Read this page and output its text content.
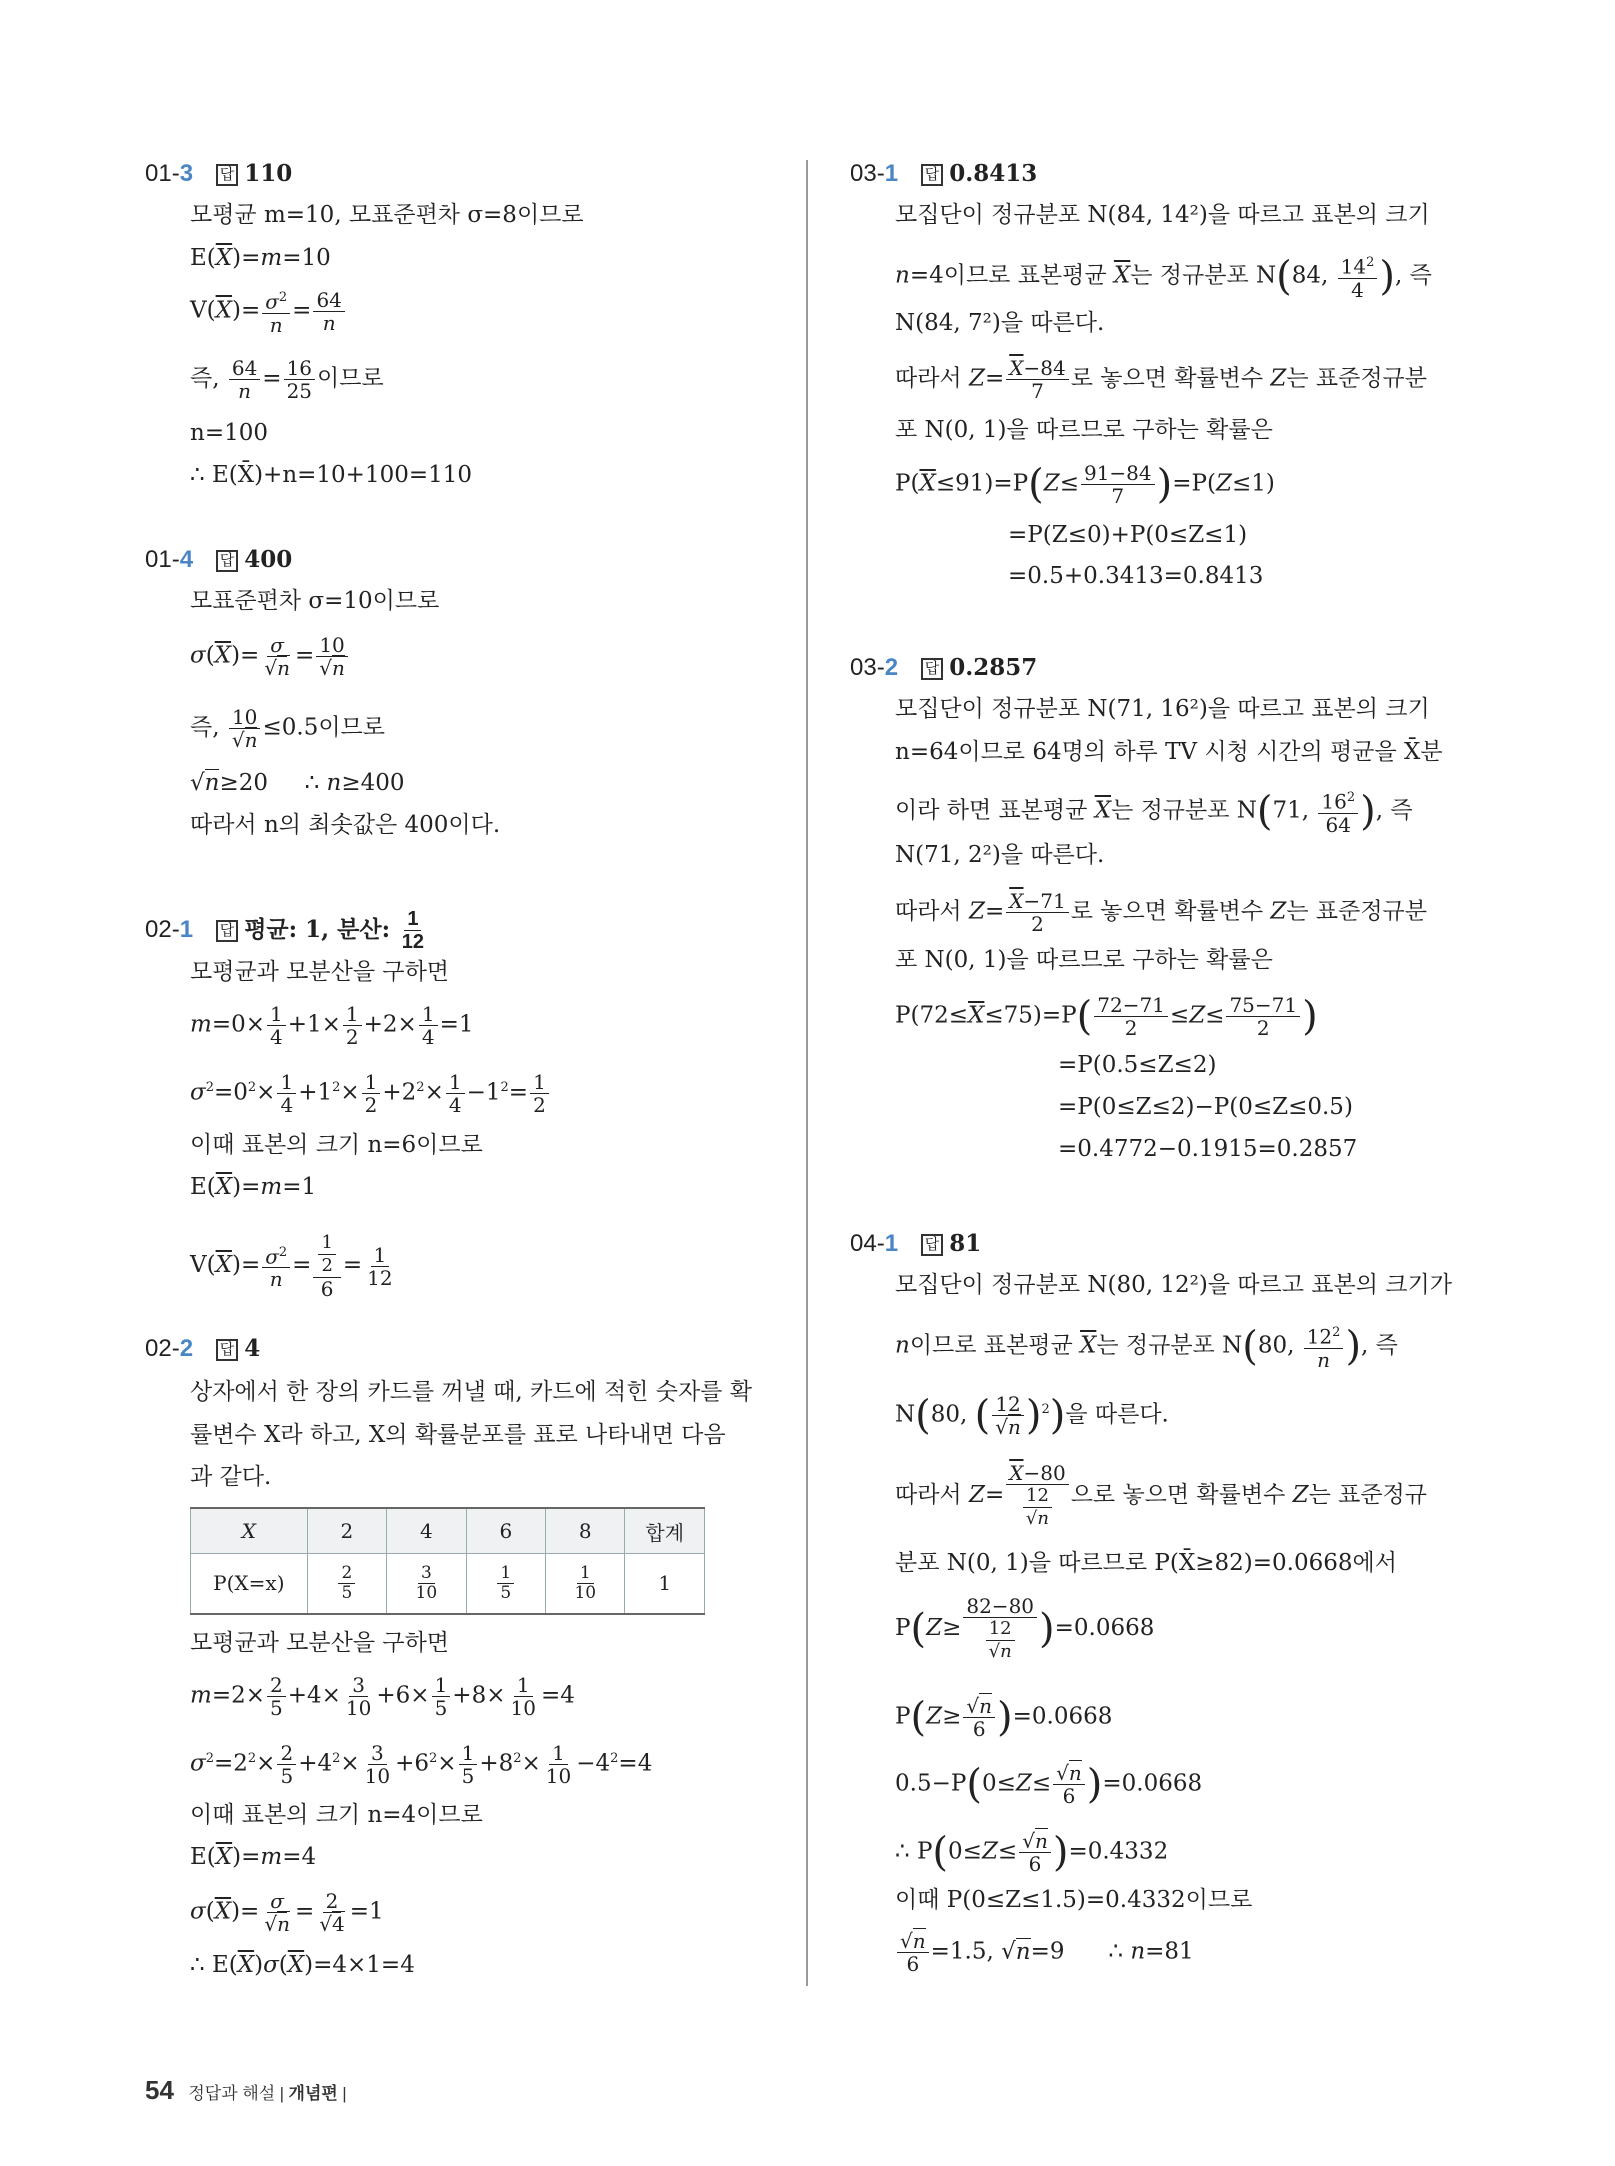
01-3 답 110
모평균 m=10, 모표준편차 σ=8이므로
$E(\overline{X})=m=10$
$V(\overline{X})= \frac{\sigma^2}{n} = \frac{64}{n}$
즉, $\frac{64}{n} = \frac{16}{25}$ 이므로
n=100
∴ E(X̄)+n=10+100=110
01-4 답 400
모표준편차 σ=10이므로
$\sigma(\overline{X})= \frac{\sigma}{√n} = \frac{10}{√n}$
즉, $\frac{10}{√n} \le 0.5$이므로
√n≥20     ∴ n≥400
따라서 n의 최솟값은 400이다.
02-1 답 평균: 1, 분산: $\frac{1}{12}$
모평균과 모분산을 구하면
$m=0\times \frac{1}{4} +1\times \frac{1}{2} +2\times \frac{1}{4} =1$
$\sigma^2=0^2\times \frac{1}{4} +1^2\times \frac{1}{2} +2^2\times \frac{1}{4} -1^2= \frac{1}{2}$
이때 표본의 크기 n=6이므로
$E(\overline{X})=m=1$
$V(\overline{X})= \frac{\sigma^2}{n} = \frac{\frac{1}{2}}{6} = \frac{1}{12}$
02-2 답 4
상자에서 한 장의 카드를 꺼낼 때, 카드에 적힌 숫자를 확
률변수 X라 하고, X의 확률분포를 표로 나타내면 다음
과 같다.
X	2	4	6	8	합계
P(X=x)	$\frac{2}{5}$	$\frac{3}{10}$	$\frac{1}{5}$	$\frac{1}{10}$	1
모평균과 모분산을 구하면
$m=2\times \frac{2}{5} +4\times \frac{3}{10} +6\times \frac{1}{5} +8\times \frac{1}{10} =4$
$\sigma^2=2^2\times \frac{2}{5} +4^2\times \frac{3}{10} +6^2\times \frac{1}{5} +8^2\times \frac{1}{10} -4^2=4$
이때 표본의 크기 n=4이므로
$E(\overline{X})=m=4$
$\sigma(\overline{X})= \frac{\sigma}{√n} = \frac{2}{√4} =1$
∴ $E(\overline{X})\sigma(\overline{X})=4\times 1=4$
03-1 답 0.8413
모집단이 정규분포 N(84, 14²)을 따르고 표본의 크기
n=4이므로 표본평균 $\overline{X}$는 정규분포 N(84, $\frac{14^2}{4}$ ), 즉
N(84, 7²)을 따른다.
따라서 $Z= \frac{\overline{X}-84}{7}$ 로 놓으면 확률변수 Z는 표준정규분
포 N(0, 1)을 따르므로 구하는 확률은
$P(\overline{X}\le 91)=P(Z\le \frac{91-84}{7} )=P(Z\le 1)$
=P(Z≤0)+P(0≤Z≤1)
=0.5+0.3413=0.8413
03-2 답 0.2857
모집단이 정규분포 N(71, 16²)을 따르고 표본의 크기
n=64이므로 64명의 하루 TV 시청 시간의 평균을 X̄분
이라 하면 표본평균 $\overline{X}$는 정규분포 N(71, $\frac{16^2}{64}$ ), 즉
N(71, 2²)을 따른다.
따라서 $Z= \frac{\overline{X}-71}{2}$ 로 놓으면 확률변수 Z는 표준정규분
포 N(0, 1)을 따르므로 구하는 확률은
$P(72\le\overline{X}\le 75)=P( \frac{72-71}{2} \le Z\le \frac{75-71}{2}$ )
=P(0.5≤Z≤2)
=P(0≤Z≤2)−P(0≤Z≤0.5)
=0.4772−0.1915=0.2857
04-1 답 81
모집단이 정규분포 N(80, 12²)을 따르고 표본의 크기가
n이므로 표본평균 $\overline{X}$는 정규분포 N(80, $\frac{12^2}{n}$ ), 즉
N(80, ( $\frac{12}{√n} )^2$)을 따른다.
따라서 $Z= \frac{\overline{X}-80}{\frac{12}{√n}}$ 으로 놓으면 확률변수 Z는 표준정규
분포 N(0, 1)을 따르므로 P(X̄≥82)=0.0668에서
$P(Z\ge \frac{82-80}{\frac{12}{√n}} )=0.0668$
$P(Z\ge \frac{√n}{6} )=0.0668$
$0.5-P(0\le Z\le \frac{√n}{6} )=0.0668$
∴ $P(0\le Z\le \frac{√n}{6} )=0.4332$
이때 P(0≤Z≤1.5)=0.4332이므로
$\frac{√n}{6} =1.5$, √n=9      ∴ n=81
54 정답과 해설 | 개념편 |
